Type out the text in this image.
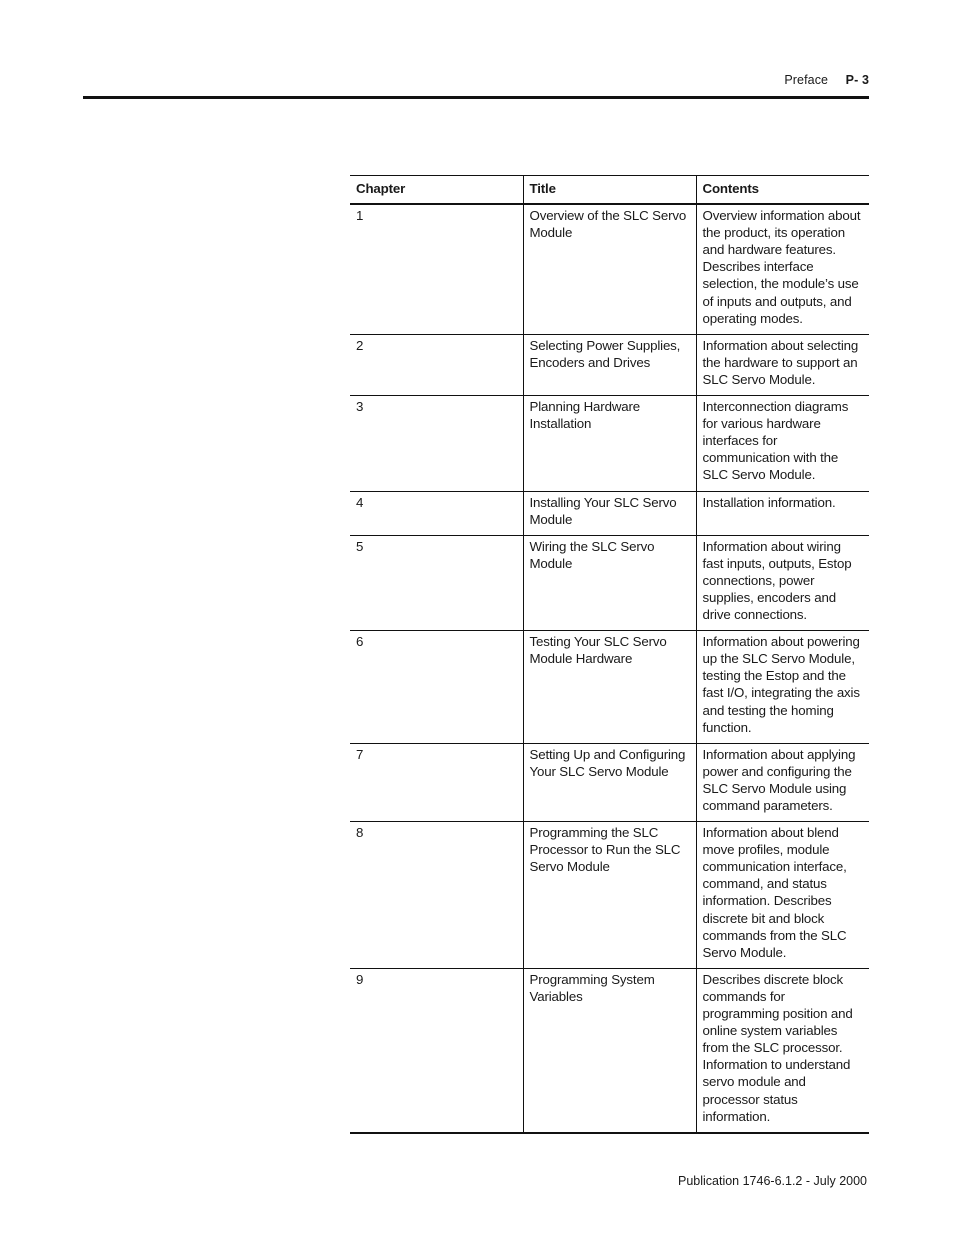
Preface P- 3
Chapter	Title	Contents
1	Overview of the SLC Servo Module	Overview information about the product, its operation and hardware features. Describes interface selection, the module’s use of inputs and outputs, and operating modes.
2	Selecting Power Supplies, Encoders and Drives	Information about selecting the hardware to support an SLC Servo Module.
3	Planning Hardware Installation	Interconnection diagrams for various hardware interfaces for communication with the SLC Servo Module.
4	Installing Your SLC Servo Module	Installation information.
5	Wiring the SLC Servo Module	Information about wiring fast inputs, outputs, Estop connections, power supplies, encoders and drive connections.
6	Testing Your SLC Servo Module Hardware	Information about powering up the SLC Servo Module, testing the Estop and the fast I/O, integrating the axis and testing the homing function.
7	Setting Up and Configuring Your SLC Servo Module	Information about applying power and configuring the SLC Servo Module using command parameters.
8	Programming the SLC Processor to Run the SLC Servo Module	Information about blend move profiles, module communication interface, command, and status information. Describes discrete bit and block commands from the SLC Servo Module.
9	Programming System Variables	Describes discrete block commands for programming position and online system variables from the SLC processor. Information to understand servo module and processor status information.
Publication 1746-6.1.2 - July 2000
